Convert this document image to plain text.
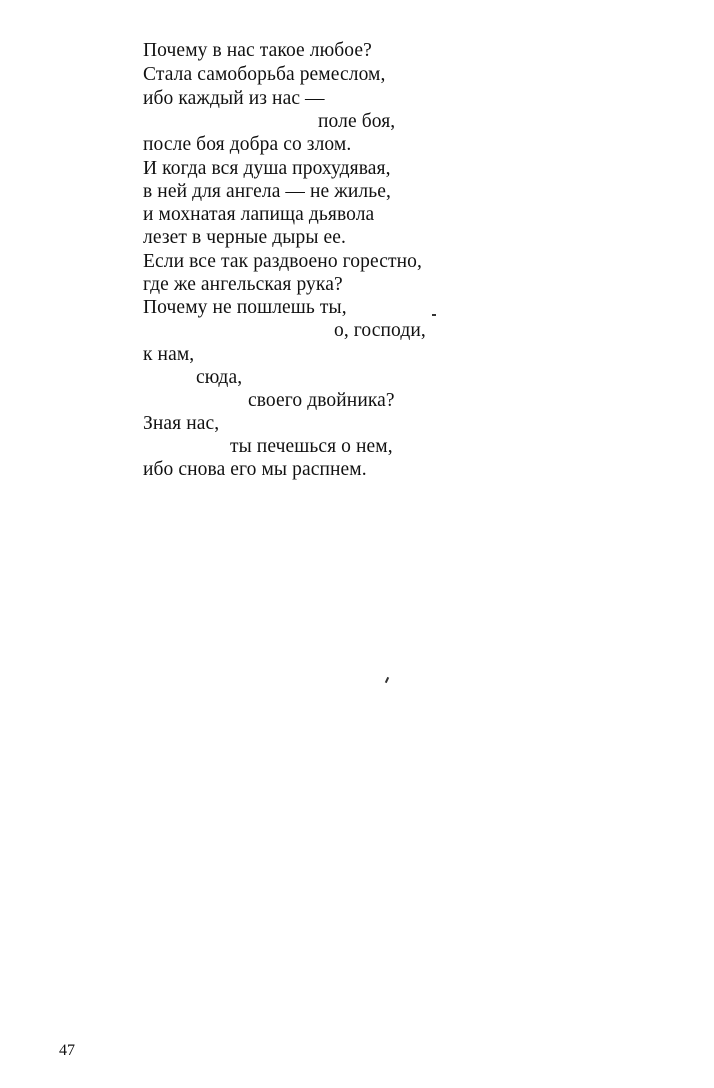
Почему в нас такое любое?
Стала самоборьба ремеслом,
ибо каждый из нас —
поле боя,
после боя добра со злом.
И когда вся душа прохудявая,
в ней для ангела — не жилье,
и мохнатая лапища дьявола
лезет в черные дыры ее.
Если все так раздвоено горестно,
где же ангельская рука?
Почему не пошлешь ты,
о, господи,
к нам,
сюда,
своего двойника?
Зная нас,
ты печешься о нем,
ибо снова его мы распнем.
47
